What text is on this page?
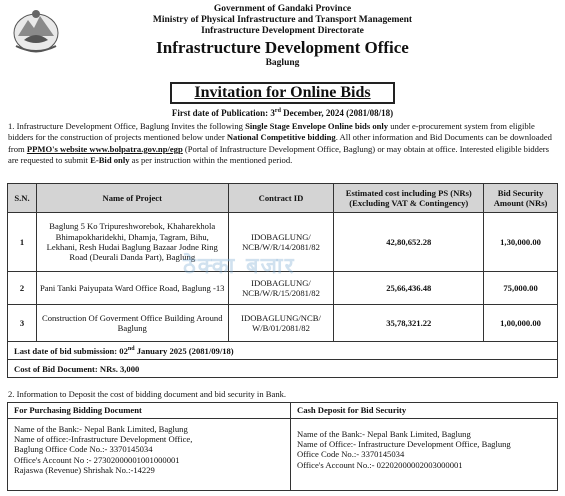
Government of Gandaki Province
Ministry of Physical Infrastructure and Transport Management
Infrastructure Development Directorate
Infrastructure Development Office
Baglung
Invitation for Online Bids
First date of Publication: 3rd December, 2024 (2081/08/18)
1. Infrastructure Development Office, Baglung Invites the following Single Stage Envelope Online bids only under e-procurement system from eligible bidders for the construction of projects mentioned below under National Competitive bidding. All other information and Bid Documents can be downloaded from PPMO's website www.bolpatra.gov.np/egp (Portal of Infrastructure Development Office, Baglung) or may obtain at office. Interested eligible bidders are requested to submit E-Bid only as per instruction within the mentioned period.
S.N.	Name of Project	Contract ID	Estimated cost including PS (NRs) (Excluding VAT & Contingency)	Bid Security Amount (NRs)
1	Baglung 5 Ko Tripureshworebok, Khaharekhola Bhimapokharidekhi, Dhamja, Tagram, Bihu, Lekhani, Resh Hudai Baglung Bazaar Jodne Ring Road (Deurali Danda Part), Baglung	IDOBAGLUNG/ NCB/W/R/14/2081/82	42,80,652.28	1,30,000.00
2	Pani Tanki Paiyupata Ward Office Road, Baglung -13	IDOBAGLUNG/ NCB/W/R/15/2081/82	25,66,436.48	75,000.00
3	Construction Of Goverment Office Building Around Baglung	IDOBAGLUNG/NCB/ W/B/01/2081/82	35,78,321.22	1,00,000.00
Last date of bid submission: 02nd January 2025 (2081/09/18)				
Cost of Bid Document: NRs. 3,000				
ठेक्का बजार
2. Information to Deposit the cost of bidding document and bid security in Bank.
For Purchasing Bidding Document
Name of the Bank:- Nepal Bank Limited, Baglung
Name of office:-Infrastructure Development Office,
Baglung Office Code No.:- 3370145034
Office's Account No :- 27302000001001000001
Rajaswa (Revenue) Shrishak No.:-14229
Cash Deposit for Bid Security
Name of the Bank:- Nepal Bank Limited, Baglung
Name of Office:- Infrastructure Development Office, Baglung
Office Code No.:- 3370145034
Office's Account No.:- 02202000002003000001
